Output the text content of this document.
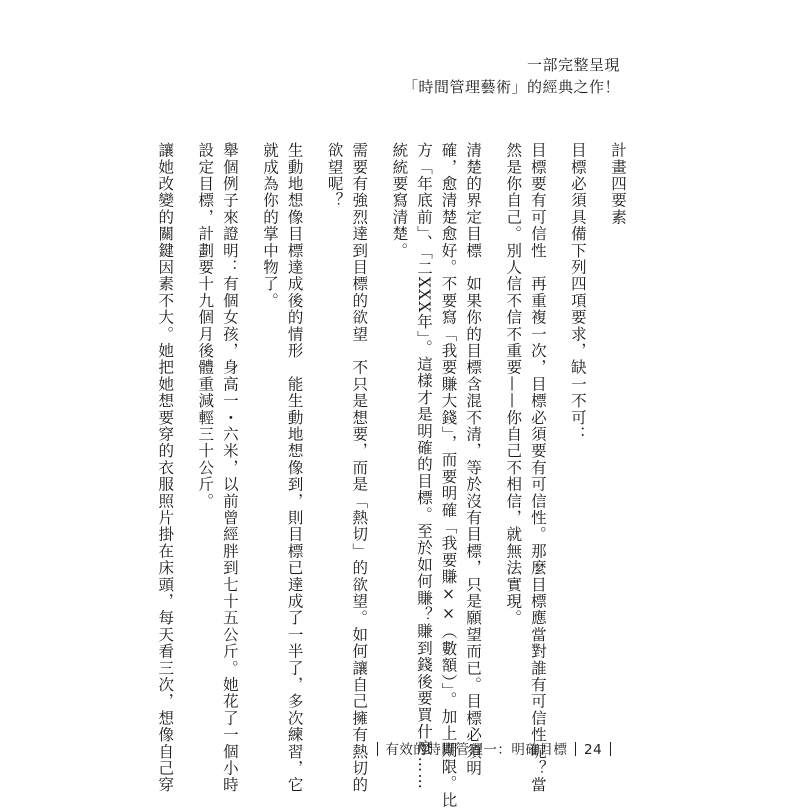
一部完整呈現
「時間管理藝術」的經典之作！

計畫四要素

目標必須具備下列四項要求，缺一不可：

目標要有可信性　再重複一次，目標必須要有可信性。那麼目標應當對誰有可信性呢？當

然是你自己。別人信不信不重要——你自己不相信，就無法實現。

清楚的界定目標　如果你的目標含混不清，等於沒有目標，只是願望而已。目標必須明

確，愈清楚愈好。不要寫「我要賺大錢」，而要明確「我要賺××（數額）」。加上期限。比

方「年底前」、「二XXX年」。這樣才是明確的目標。至於如何賺？賺到錢後要買什麼……

統統要寫清楚。

需要有強烈達到目標的欲望　不只是想要，而是「熱切」的欲望。如何讓自己擁有熱切的

欲望呢？

生動地想像目標達成後的情形　能生動地想像到，則目標已達成了一半了，多次練習，它

就成為你的掌中物了。

舉個例子來證明：有個女孩，身高一・六米，以前曾經胖到七十五公斤。她花了一個小時

設定目標，計劃要十九個月後體重減輕三十公斤。

讓她改變的關鍵因素不大。她把她想要穿的衣服照片掛在床頭，每天看三次，想像自己穿	有效的時間管理一：明確目標 24
